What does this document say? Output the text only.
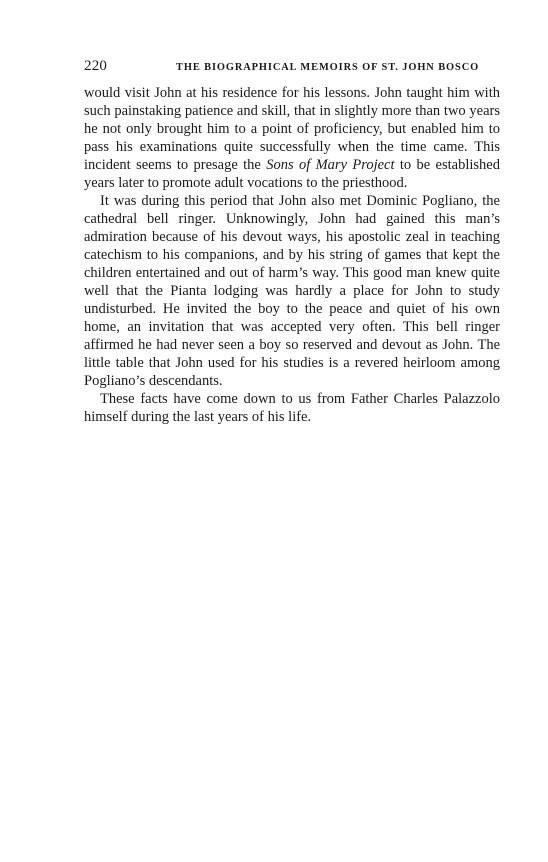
220	THE BIOGRAPHICAL MEMOIRS OF ST. JOHN BOSCO

would visit John at his residence for his lessons. John taught him with such painstaking patience and skill, that in slightly more than two years he not only brought him to a point of proficiency, but enabled him to pass his examinations quite successfully when the time came. This incident seems to presage the Sons of Mary Project to be established years later to promote adult vocations to the priesthood.

It was during this period that John also met Dominic Pogliano, the cathedral bell ringer. Unknowingly, John had gained this man’s admiration because of his devout ways, his apostolic zeal in teaching catechism to his companions, and by his string of games that kept the children entertained and out of harm’s way. This good man knew quite well that the Pianta lodging was hardly a place for John to study undisturbed. He invited the boy to the peace and quiet of his own home, an invitation that was accepted very often. This bell ringer affirmed he had never seen a boy so reserved and devout as John. The little table that John used for his studies is a revered heirloom among Pogliano’s descendants.

These facts have come down to us from Father Charles Palazzolo himself during the last years of his life.
